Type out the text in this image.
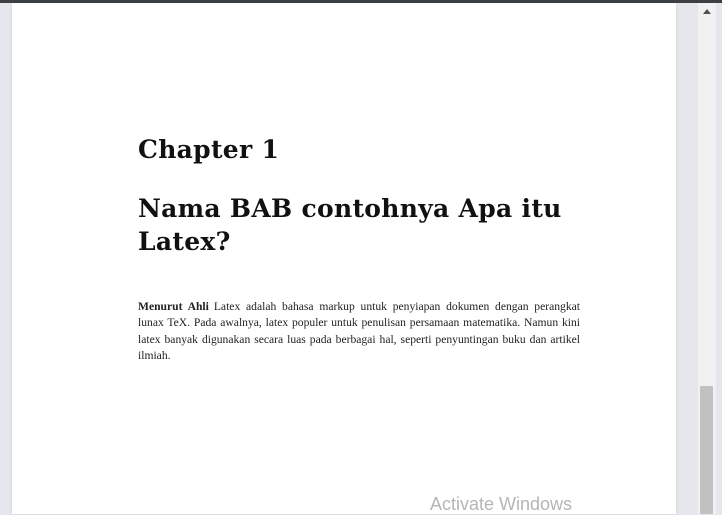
Chapter 1
Nama BAB contohnya Apa itu Latex?

Menurut Ahli Latex adalah bahasa markup untuk penyiapan dokumen dengan perangkat lunax TeX. Pada awalnya, latex populer untuk penulisan persamaan matematika. Namun kini latex banyak digunakan secara luas pada berbagai hal, seperti penyuntingan buku dan artikel ilmiah.

Activate Windows
